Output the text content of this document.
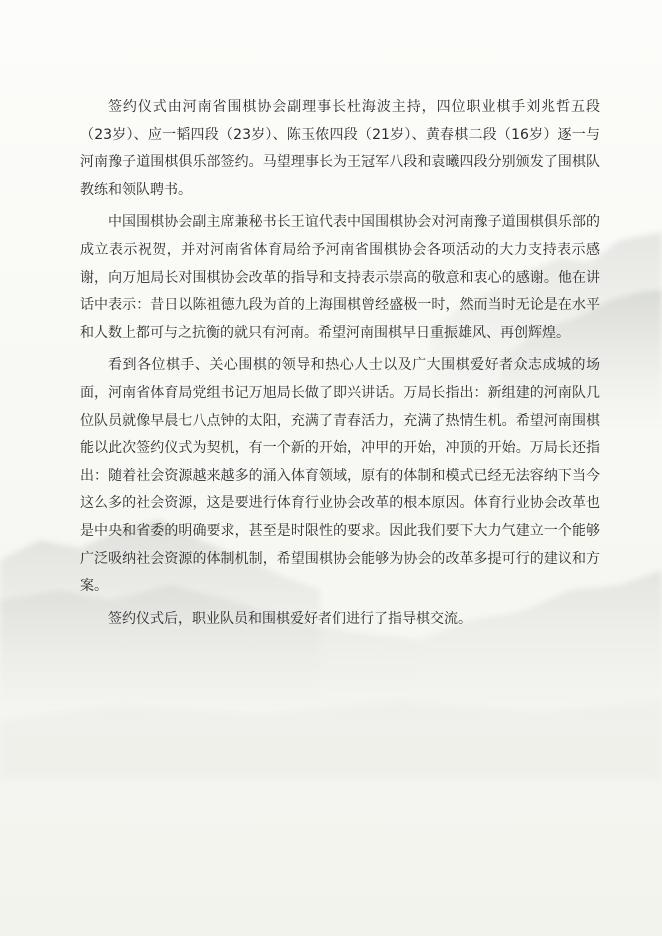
签约仪式由河南省围棋协会副理事长杜海波主持，四位职业棋手刘兆哲五段（23岁）、应一韬四段（23岁）、陈玉侬四段（21岁）、黄春棋二段（16岁）逐一与河南豫子道围棋俱乐部签约。马望理事长为王冠军八段和袁曦四段分别颁发了围棋队教练和领队聘书。

中国围棋协会副主席兼秘书长王谊代表中国围棋协会对河南豫子道围棋俱乐部的成立表示祝贺，并对河南省体育局给予河南省围棋协会各项活动的大力支持表示感谢，向万旭局长对围棋协会改革的指导和支持表示崇高的敬意和衷心的感谢。他在讲话中表示：昔日以陈祖德九段为首的上海围棋曾经盛极一时，然而当时无论是在水平和人数上都可与之抗衡的就只有河南。希望河南围棋早日重振雄风、再创辉煌。

看到各位棋手、关心围棋的领导和热心人士以及广大围棋爱好者众志成城的场面，河南省体育局党组书记万旭局长做了即兴讲话。万局长指出：新组建的河南队几位队员就像早晨七八点钟的太阳，充满了青春活力，充满了热情生机。希望河南围棋能以此次签约仪式为契机，有一个新的开始，冲甲的开始，冲顶的开始。万局长还指出：随着社会资源越来越多的涌入体育领域，原有的体制和模式已经无法容纳下当今这么多的社会资源，这是要进行体育行业协会改革的根本原因。体育行业协会改革也是中央和省委的明确要求，甚至是时限性的要求。因此我们要下大力气建立一个能够广泛吸纳社会资源的体制机制，希望围棋协会能够为协会的改革多提可行的建议和方案。

签约仪式后，职业队员和围棋爱好者们进行了指导棋交流。
